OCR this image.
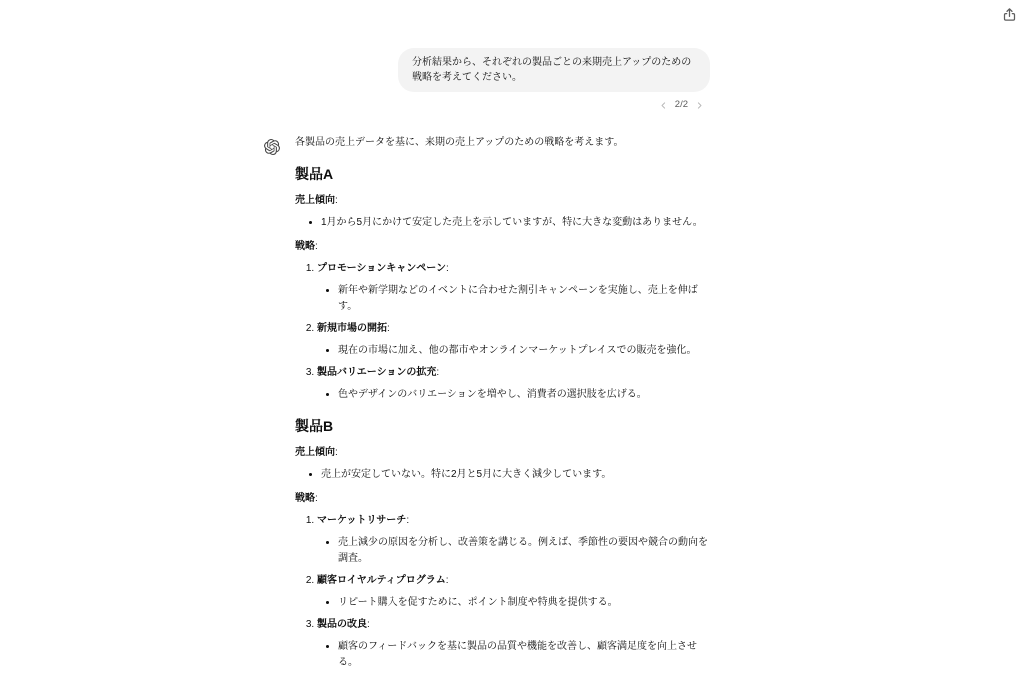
分析結果から、それぞれの製品ごとの来期売上アップのための戦略を考えてください。
2/2

各製品の売上データを基に、来期の売上アップのための戦略を考えます。

製品A

売上傾向:

• 1月から5月にかけて安定した売上を示していますが、特に大きな変動はありません。

戦略:

1. プロモーションキャンペーン:

• 新年や新学期などのイベントに合わせた割引キャンペーンを実施し、売上を伸ばす。

2. 新規市場の開拓:

• 現在の市場に加え、他の都市やオンラインマーケットプレイスでの販売を強化。

3. 製品バリエーションの拡充:

• 色やデザインのバリエーションを増やし、消費者の選択肢を広げる。
製品B

売上傾向:

• 売上が安定していない。特に2月と5月に大きく減少しています。

戦略:

1. マーケットリサーチ:

• 売上減少の原因を分析し、改善策を講じる。例えば、季節性の要因や競合の動向を調査。

2. 顧客ロイヤルティプログラム:

• リピート購入を促すために、ポイント制度や特典を提供する。

3. 製品の改良:

• 顧客のフィードバックを基に製品の品質や機能を改善し、顧客満足度を向上させる。
